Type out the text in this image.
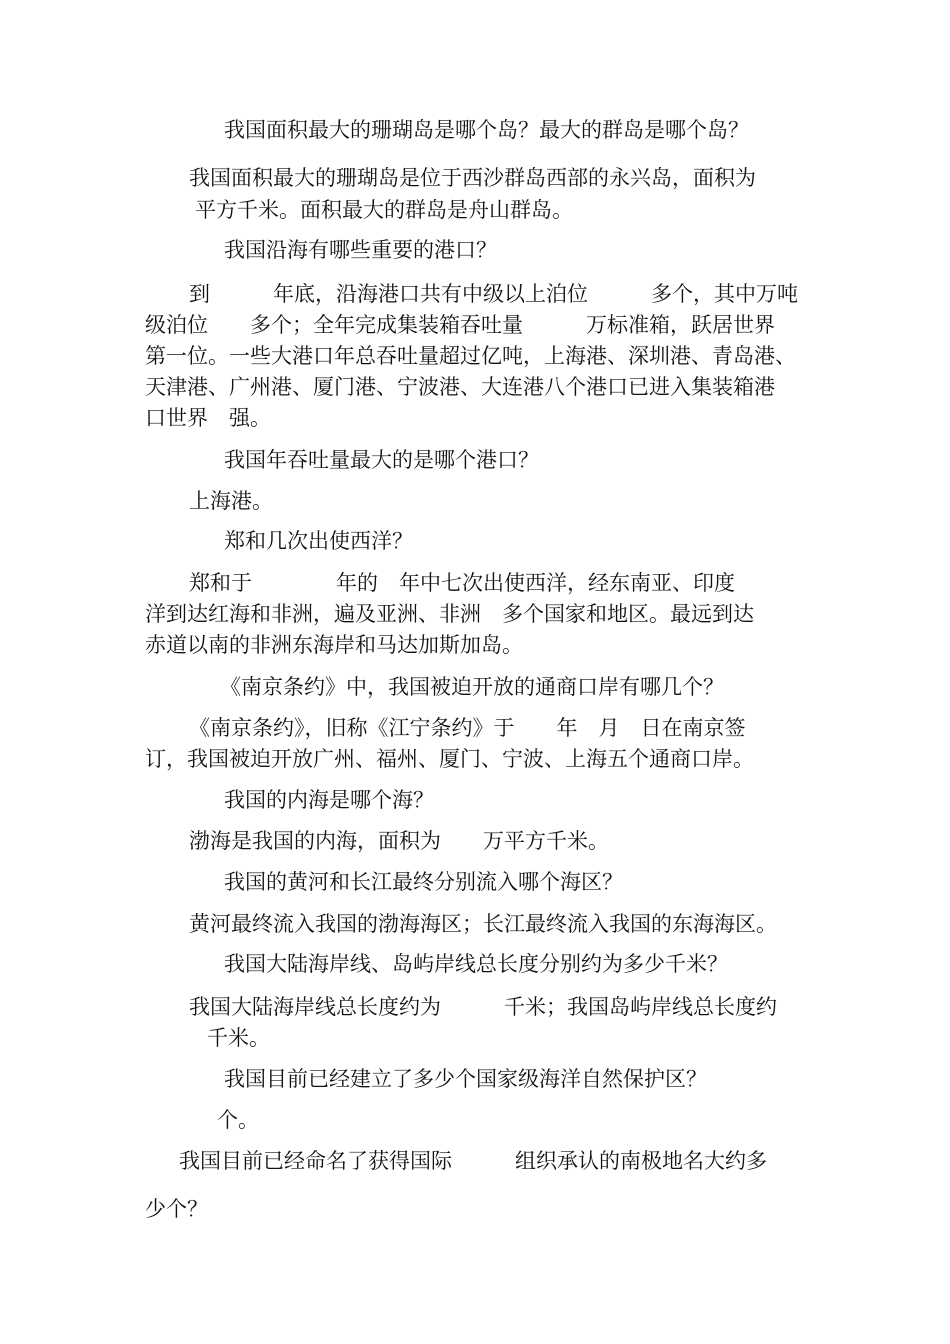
我国面积最大的珊瑚岛是哪个岛？最大的群岛是哪个岛？
我国面积最大的珊瑚岛是位于西沙群岛西部的永兴岛，面积为
平方千米。面积最大的群岛是舟山群岛。
我国沿海有哪些重要的港口？
到　　　年底，沿海港口共有中级以上泊位　　　多个，其中万吨
级泊位　　多个；全年完成集装箱吞吐量　　　万标准箱，跃居世界
第一位。一些大港口年总吞吐量超过亿吨，上海港、深圳港、青岛港、
天津港、广州港、厦门港、宁波港、大连港八个港口已进入集装箱港
口世界　强。
我国年吞吐量最大的是哪个港口？
上海港。
郑和几次出使西洋？
郑和于　　　　年的　年中七次出使西洋，经东南亚、印度
洋到达红海和非洲，遍及亚洲、非洲　多个国家和地区。最远到达
赤道以南的非洲东海岸和马达加斯加岛。
《南京条约》中，我国被迫开放的通商口岸有哪几个？
《南京条约》，旧称《江宁条约》于　　年　月　日在南京签
订，我国被迫开放广州、福州、厦门、宁波、上海五个通商口岸。
我国的内海是哪个海？
渤海是我国的内海，面积为　　万平方千米。
我国的黄河和长江最终分别流入哪个海区？
黄河最终流入我国的渤海海区；长江最终流入我国的东海海区。
我国大陆海岸线、岛屿岸线总长度分别约为多少千米？
我国大陆海岸线总长度约为　　　千米；我国岛屿岸线总长度约
千米。
我国目前已经建立了多少个国家级海洋自然保护区？
个。
我国目前已经命名了获得国际　　　组织承认的南极地名大约多
少个？
